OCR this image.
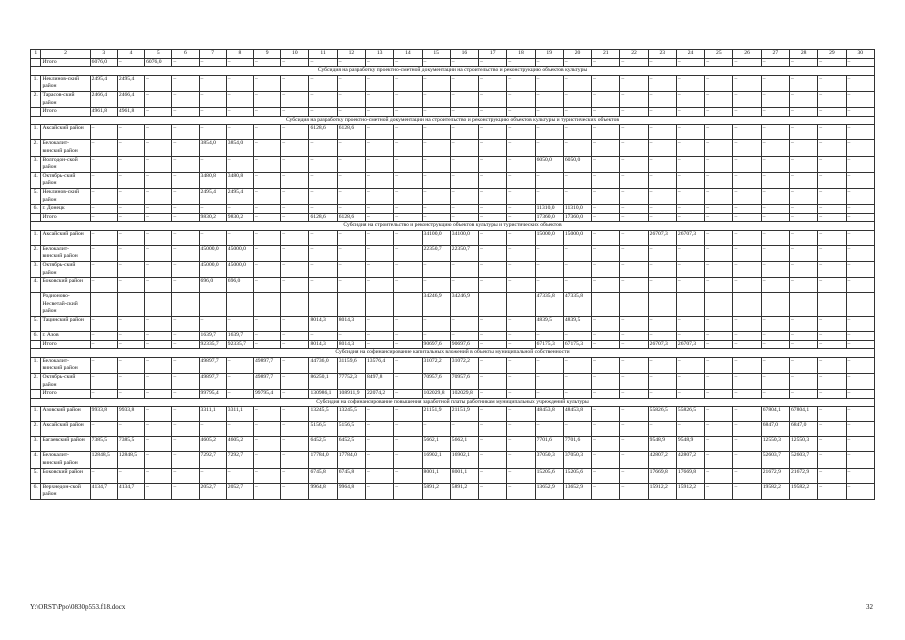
1	2	3	4	5	6	7	8	9	10	11	12	13	14	15	16	17	18	19	20	21	22	23	24	25	26	27	28	29	30
	Итого	6076,0	–	6076,0	–	–	–	–	–	–	–	–	–	–	–	–	–	–	–	–	–	–	–	–	–	–	–	–	–
Субсидия на разработку проектно-сметной документации на строительство и реконструкцию объектов культуры																													
1.	Неклинов-ский район	2495,4	2495,4	–	–	–	–	–	–	–	–	–	–	–	–	–	–	–	–	–	–	–	–	–	–	–	–	–	–
2.	Тарасов-ский район	2466,4	2466,4	–	–	–	–	–	–	–	–	–	–	–	–	–	–	–	–	–	–	–	–	–	–	–	–	–	–
	Итого	4961,8	4961,8	–	–	–	–	–	–	–	–	–	–	–	–	–	–	–	–	–	–	–	–	–	–	–	–	–	–
Субсидия на разработку проектно-сметной документации на строительство и реконструкцию объектов культуры и туристических объектов																													
1.	Аксайский район	–	–	–	–	–	–	–	–	6128,6	6128,6	–	–	–	–	–	–	–	–	–	–	–	–	–	–	–	–	–	–
2.	Белокалит-винский район	–	–	–	–	3854,0	3854,0	–	–	–	–	–	–	–	–	–	–	–	–	–	–	–	–	–	–	–	–	–	–
3.	Волгодон-ской район	–	–	–	–	–	–	–	–	–	–	–	–	–	–	–	–	6050,0	6050,0	–	–	–	–	–	–	–	–	–	–
4.	Октябрь-ский район	–	–	–	–	3480,8	3480,8	–	–	–	–	–	–	–	–	–	–	–	–	–	–	–	–	–	–	–	–	–	–
5.	Неклинов-ский район	–	–	–	–	2495,4	2495,4	–	–	–	–	–	–	–	–	–	–	–	–	–	–	–	–	–	–	–	–	–	–
6.	г. Донецк	–	–	–	–	–	–	–	–	–	–	–	–	–	–	–	–	11310,0	11310,0	–	–	–	–	–	–	–	–	–	–
	Итого	–	–	–	–	9830,2	9830,2	–	–	6128,6	6128,6	–	–	–	–	–	–	17360,0	17360,0	–	–	–	–	–	–	–	–	–	–
Субсидия на строительство и реконструкцию объектов культуры и туристических объектов																													
1.	Аксайский район	–	–	–	–	–	–	–	–	–	–	–	–	34100,0	34100,0	–	–	15000,0	15000,0	–	–	26707,3	26707,3	–	–	–	–	–	–
2.	Белокалит-винский район	–	–	–	–	45000,0	45000,0	–	–	–	–	–	–	22350,7	22350,7	–	–	–	–	–	–	–	–	–	–	–	–	–	–
3.	Октябрь-ский район	–	–	–	–	45000,0	45000,0	–	–	–	–	–	–	–	–	–	–	–	–	–	–	–	–	–	–	–	–	–	–
4.	Боковский район	–	–	–	–	696,0	696,0	–	–	–	–	–	–	–	–	–	–	–	–	–	–	–	–	–	–	–	–	–	–
	Родионово-Несветай-ский район													34246,9	34246,9			47335,8	47335,8										
5.	Тацинский район	–	–	–	–	–	–	–	–	8014,3	8014,3	–	–	–	–	–	–	4839,5	4839,5	–	–	–	–	–	–	–	–	–	–
6.	г. Азов	–	–	–	–	1639,7	1639,7	–	–	–	–	–	–	–	–	–	–	–	–	–	–	–	–	–	–	–	–	–	–
	Итого	–	–	–	–	92335,7	92335,7	–	–	8014,3	8014,3	–	–	90697,6	90697,6	–	–	67175,3	67175,3	–	–	26707,3	26707,3	–	–	–	–	–	–
Субсидия на софинансирование капитальных вложений в объекты муниципальной собственности																													
1.	Белокалит-винский район	–	–	–	–	49897,7	–	49897,7	–	44736,0	31159,6	13576,4	–	31072,2	31072,2	–	–	–	–	–	–	–	–	–	–	–	–	–	–
2.	Октябрь-ский район	–	–	–	–	49897,7	–	49897,7	–	86250,1	77752,3	8497,8	–	70957,6	70957,6	–	–	–	–	–	–	–	–	–	–	–	–	–	–
	Итого	–	–	–	–	99795,4	–	99795,4	–	130986,1	108911,9	22074,2	–	102029,8	102029,8	–	–	–	–	–	–	–	–	–	–	–	–	–	–
Субсидия на софинансирование повышения заработной платы работникам муниципальных учреждений культуры																													
1.	Азовский район	9933,8	9933,8	–	–	3311,1	3311,1	–	–	13245,5	13245,5	–	–	21151,9	21151,9	–	–	48453,8	48453,8	–	–	55826,5	55826,5	–	–	67804,1	67804,1	–	–
2.	Аксайский район	–	–	–	–	–	–	–	–	5156,5	5156,5	–	–	–	–	–	–	–	–	–	–	–	–	–	–	6847,0	6847,0	–	–
3.	Багаевский район	7385,5	7385,5	–	–	4605,2	4605,2	–	–	6452,5	6452,5	–	–	5662,1	5662,1	–	–	7701,6	7701,6	–	–	9548,9	9548,9	–	–	12550,3	12550,3	–	–
4.	Белокалит-винский район	12848,5	12848,5	–	–	7292,7	7292,7	–	–	17784,0	17784,0	–	–	16902,1	16902,1	–	–	37050,3	37050,3	–	–	42807,2	42807,2	–	–	52603,7	52603,7	–	–
5.	Боковский район	–	–	–	–	–	–	–	–	6745,8	6745,8	–	–	8001,1	8001,1	–	–	15205,6	15205,6	–	–	17669,8	17669,8	–	–	21672,9	21672,9	–	–
6.	Верхнедон-ской район	4134,7	4134,7	–	–	2052,7	2052,7	–	–	9964,8	9964,8	–	–	5891,2	5891,2	–	–	13652,9	13652,9	–	–	15912,2	15912,2	–	–	19582,2	19582,2	–	–
Y:\ORST\Ppo\0830p553.f18.docx	32
